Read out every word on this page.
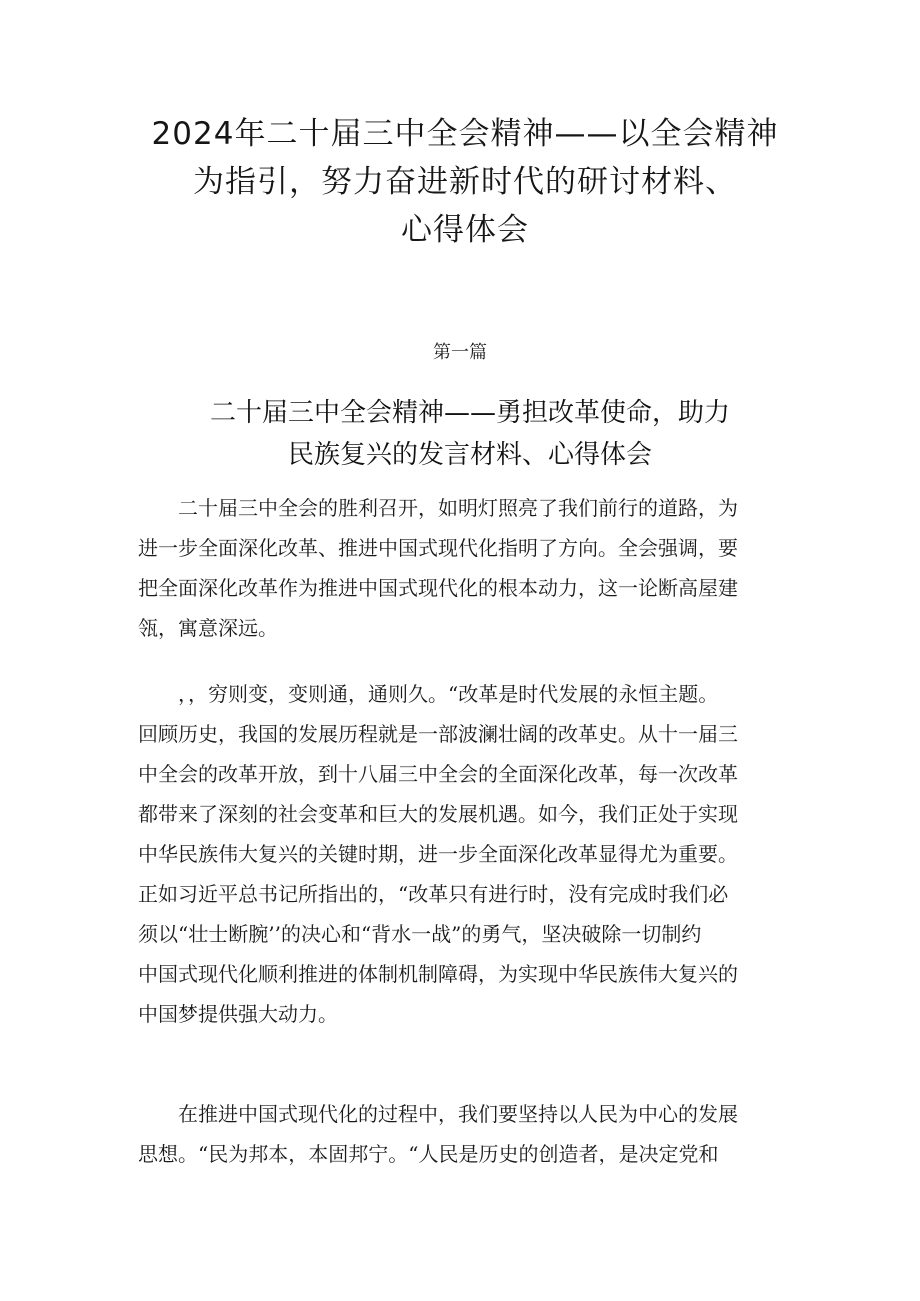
2024年二十届三中全会精神——以全会精神
为指引，努力奋进新时代的研讨材料、
心得体会
第一篇
二十届三中全会精神——勇担改革使命，助力
民族复兴的发言材料、心得体会
　　二十届三中全会的胜利召开，如明灯照亮了我们前行的道路，为
进一步全面深化改革、推进中国式现代化指明了方向。全会强调，要
把全面深化改革作为推进中国式现代化的根本动力，这一论断高屋建
瓴，寓意深远。
　　，，穷则变，变则通，通则久。“改革是时代发展的永恒主题。
回顾历史，我国的发展历程就是一部波澜壮阔的改革史。从十一届三
中全会的改革开放，到十八届三中全会的全面深化改革，每一次改革
都带来了深刻的社会变革和巨大的发展机遇。如今，我们正处于实现
中华民族伟大复兴的关键时期，进一步全面深化改革显得尤为重要。
正如习近平总书记所指出的，“改革只有进行时，没有完成时我们必
须以“壮士断腕’’的决心和“背水一战”的勇气，坚决破除一切制约
中国式现代化顺利推进的体制机制障碍，为实现中华民族伟大复兴的
中国梦提供强大动力。
　　在推进中国式现代化的过程中，我们要坚持以人民为中心的发展
思想。“民为邦本，本固邦宁。“人民是历史的创造者，是决定党和
